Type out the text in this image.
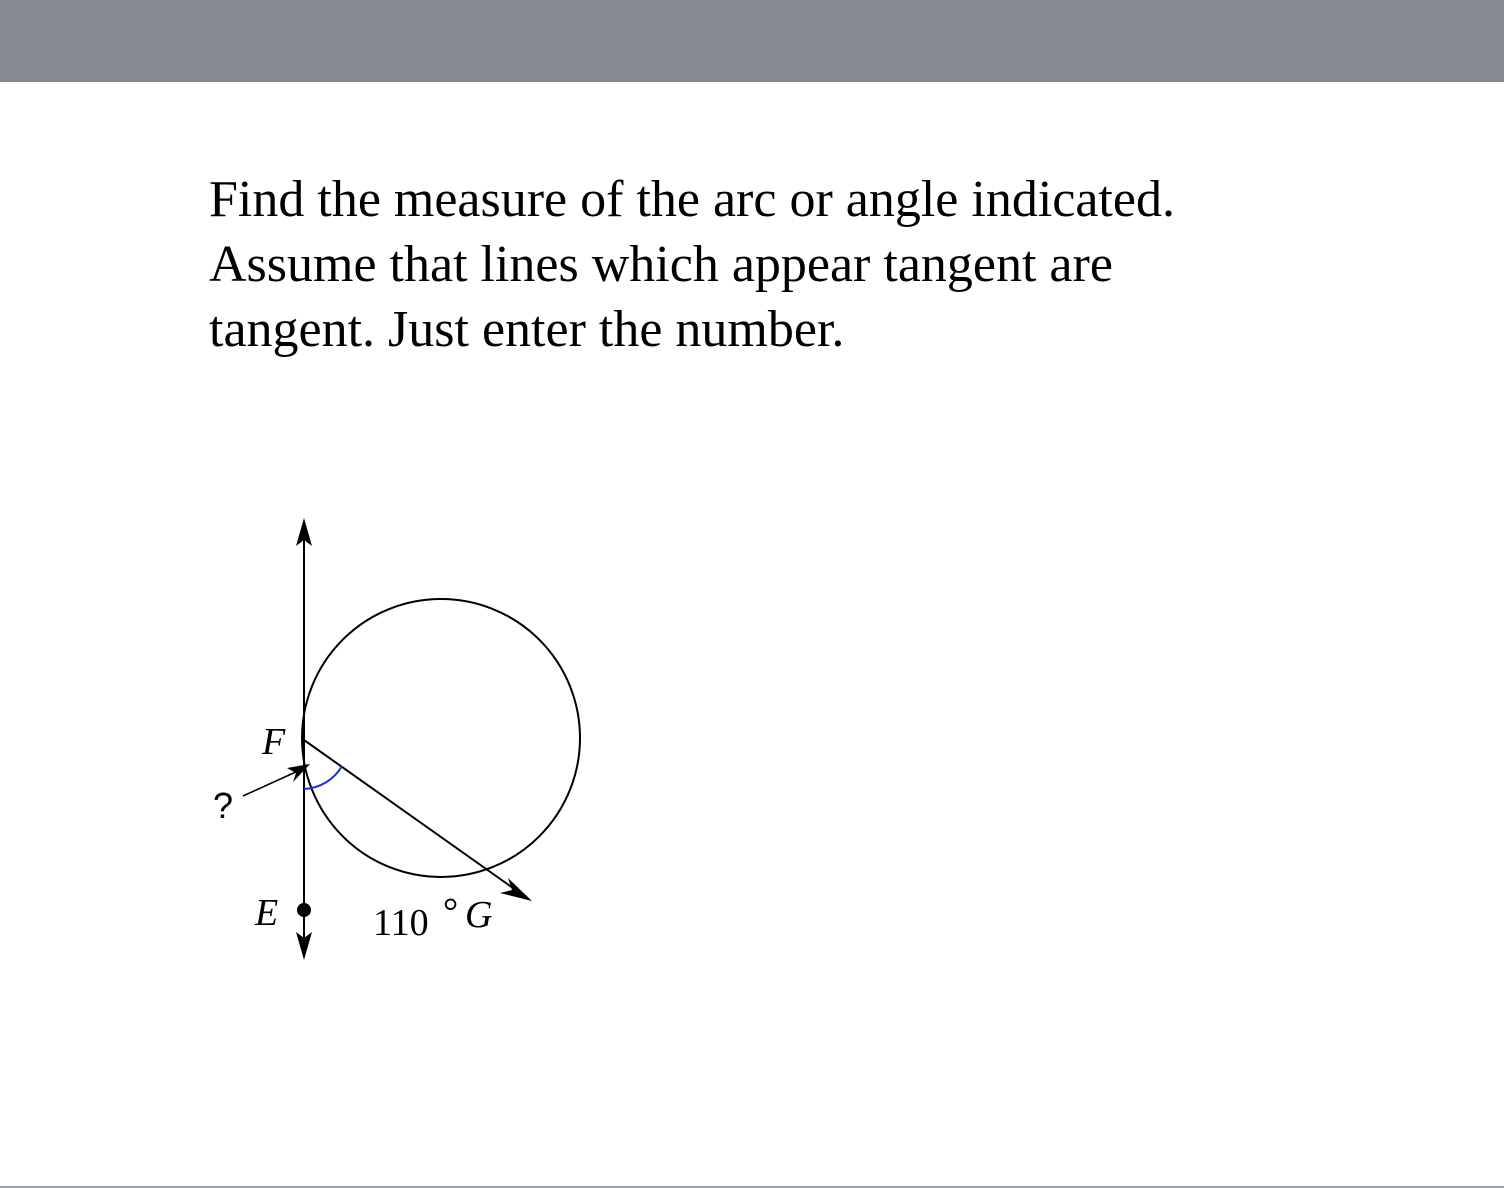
Find the measure of the arc or angle indicated.
Assume that lines which appear tangent are
tangent. Just enter the number.
F
E
?
110 ° G
